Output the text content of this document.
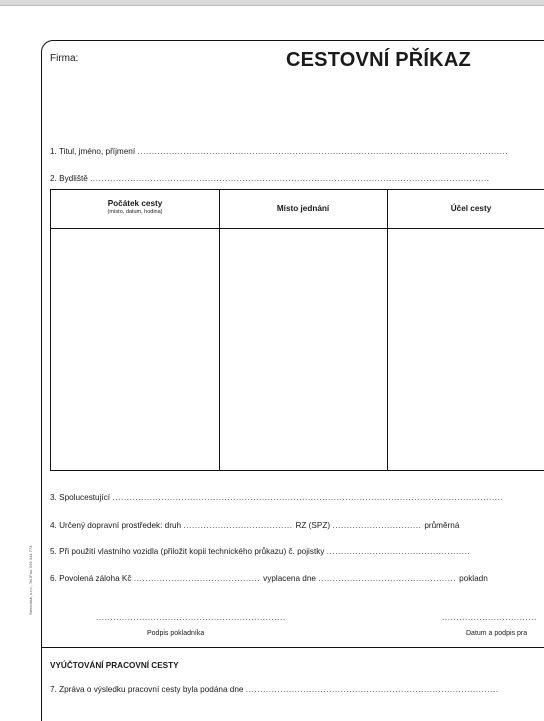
Stereotisk, s.r.o., Tel./Fax: 596 344 774
Firma:	CESTOVNÍ PŘÍKAZ
1. Titul, jméno, příjmení .................................................................................................................................
2. Bydliště ...........................................................................................................................................
Počátek cesty
(místo, datum, hodina)	Místo jednání	Účel cesty
3. Spolucestující ........................................................................................................................................
4. Určený dopravní prostředek: druh ...................................... RZ (SPZ) ............................... průměrná
5. Při použití vlastního vozidla (přiložit kopii technického průkazu) č. pojistky ..................................................
6. Povolená záloha Kč ............................................ vyplacena dne ................................................ pokladn
..................................................................
Podpis pokladníka
.................................
Datum a podpis pra
VYÚČTOVÁNÍ PRACOVNÍ CESTY
7. Zpráva o výsledku pracovní cesty byla podána dne ........................................................................................
